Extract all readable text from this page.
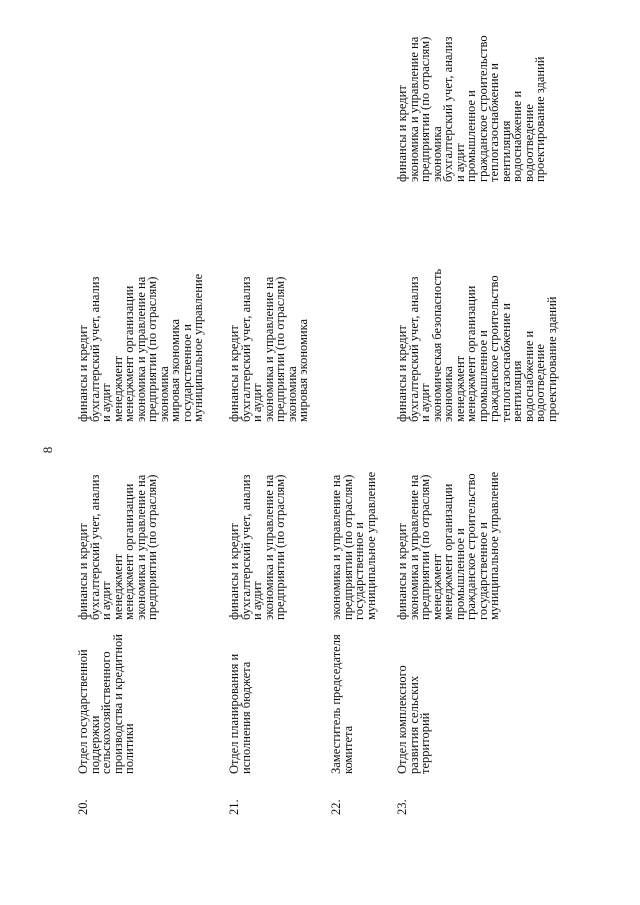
8
20.
Отдел государственной
поддержки
сельскохозяйственного
производства и кредитной
политики
финансы и кредит
бухгалтерский учет, анализ
и аудит
менеджмент
менеджмент организации
экономика и управление на
предприятии (по отраслям)
финансы и кредит
бухгалтерский учет, анализ
и аудит
менеджмент
менеджмент организации
экономика и управление на
предприятии (по отраслям)
экономика
мировая экономика
государственное и
муниципальное управление
21.
Отдел планирования и
исполнения бюджета
финансы и кредит
бухгалтерский учет, анализ
и аудит
экономика и управление на
предприятии (по отраслям)
финансы и кредит
бухгалтерский учет, анализ
и аудит
экономика и управление на
предприятии (по отраслям)
экономика
мировая экономика
22.
Заместитель председателя
комитета
экономика и управление на
предприятии (по отраслям)
государственное и
муниципальное управление
23.
Отдел комплексного
развития сельских
территорий
финансы и кредит
экономика и управление на
предприятии (по отраслям)
менеджмент
менеджмент организации
промышленное и
гражданское строительство
государственное и
муниципальное управление
финансы и кредит
бухгалтерский учет, анализ
и аудит
экономическая безопасность
экономика
менеджмент
менеджмент организации
промышленное и
гражданское строительство
теплогазоснабжение и
вентиляция
водоснабжение и
водоотведение
проектирование зданий
финансы и кредит
экономика и управление на
предприятии (по отраслям)
экономика
бухгалтерский учет, анализ
и аудит
промышленное и
гражданское строительство
теплогазоснабжение и
вентиляция
водоснабжение и
водоотведение
проектирование зданий
